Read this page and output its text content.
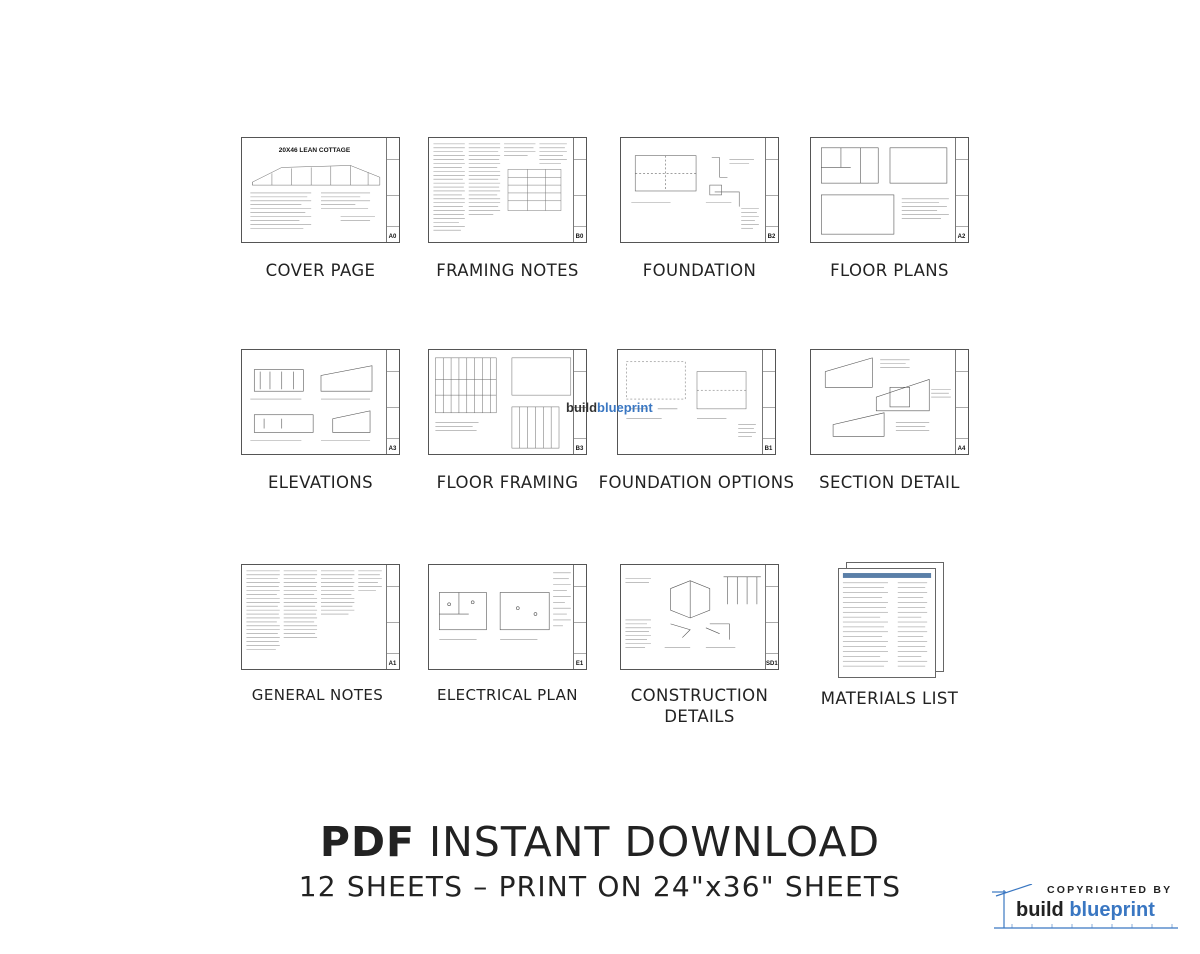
20X46 LEAN COTTAGE
A0
COVER PAGE
B0
FRAMING NOTES
B2
FOUNDATION
A2
FLOOR PLANS
A3
ELEVATIONS
B3
FLOOR FRAMING
B1
FOUNDATION OPTIONS
A4
SECTION DETAIL
buildblueprint
A1
GENERAL NOTES
E1
ELECTRICAL PLAN
SD1
CONSTRUCTION DETAILS
MATERIALS LIST
PDF INSTANT DOWNLOAD
12 SHEETS – PRINT ON 24"x36" SHEETS	COPYRIGHTED BY
build blueprint
